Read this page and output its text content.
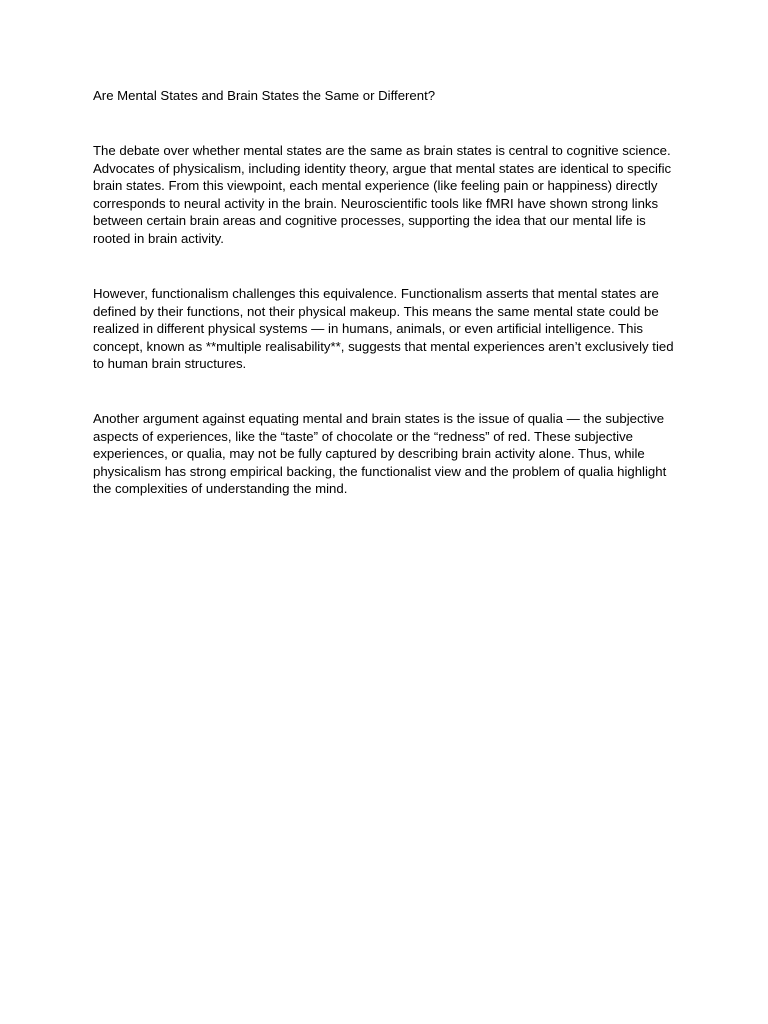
Are Mental States and Brain States the Same or Different?

The debate over whether mental states are the same as brain states is central to cognitive science. Advocates of physicalism, including identity theory, argue that mental states are identical to specific brain states. From this viewpoint, each mental experience (like feeling pain or happiness) directly corresponds to neural activity in the brain. Neuroscientific tools like fMRI have shown strong links between certain brain areas and cognitive processes, supporting the idea that our mental life is rooted in brain activity.

However, functionalism challenges this equivalence. Functionalism asserts that mental states are defined by their functions, not their physical makeup. This means the same mental state could be realized in different physical systems — in humans, animals, or even artificial intelligence. This concept, known as **multiple realisability**, suggests that mental experiences aren’t exclusively tied to human brain structures.

Another argument against equating mental and brain states is the issue of qualia — the subjective aspects of experiences, like the “taste” of chocolate or the “redness” of red. These subjective experiences, or qualia, may not be fully captured by describing brain activity alone. Thus, while physicalism has strong empirical backing, the functionalist view and the problem of qualia highlight the complexities of understanding the mind.
